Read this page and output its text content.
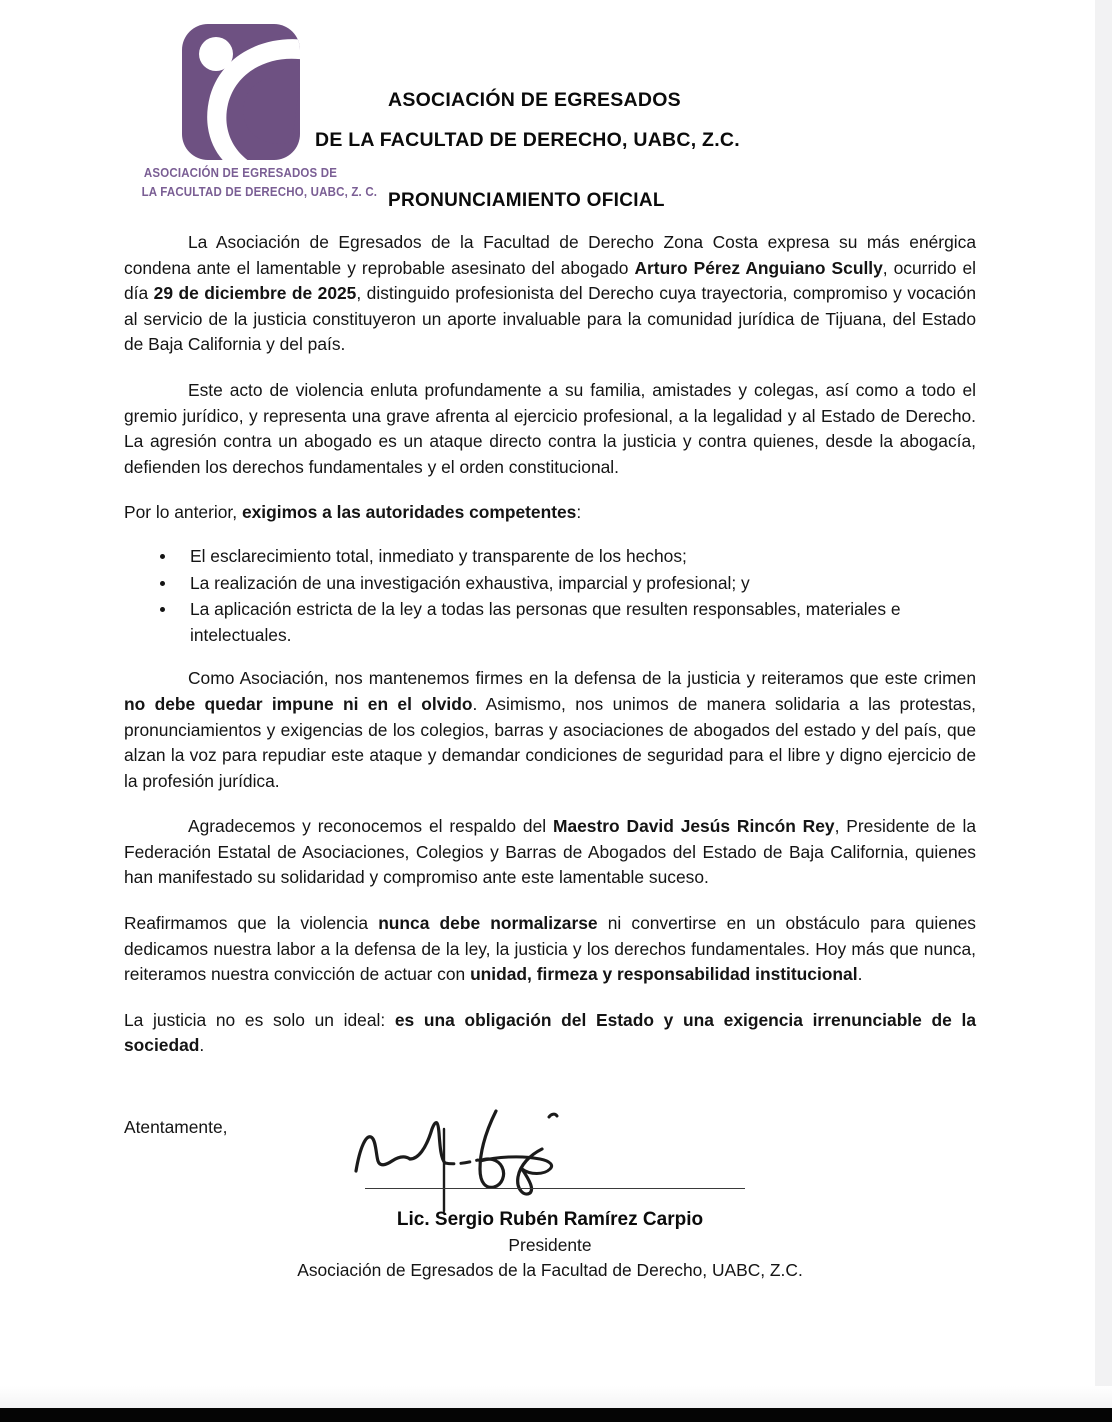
ASOCIACIÓN DE EGRESADOS DE
LA FACULTAD DE DERECHO, UABC, Z. C.
ASOCIACIÓN DE EGRESADOS
DE LA FACULTAD DE DERECHO, UABC, Z.C.
PRONUNCIAMIENTO OFICIAL

La Asociación de Egresados de la Facultad de Derecho Zona Costa expresa su más enérgica condena ante el lamentable y reprobable asesinato del abogado Arturo Pérez Anguiano Scully, ocurrido el día 29 de diciembre de 2025, distinguido profesionista del Derecho cuya trayectoria, compromiso y vocación al servicio de la justicia constituyeron un aporte invaluable para la comunidad jurídica de Tijuana, del Estado de Baja California y del país.

Este acto de violencia enluta profundamente a su familia, amistades y colegas, así como a todo el gremio jurídico, y representa una grave afrenta al ejercicio profesional, a la legalidad y al Estado de Derecho. La agresión contra un abogado es un ataque directo contra la justicia y contra quienes, desde la abogacía, defienden los derechos fundamentales y el orden constitucional.

Por lo anterior, exigimos a las autoridades competentes:

El esclarecimiento total, inmediato y transparente de los hechos;
La realización de una investigación exhaustiva, imparcial y profesional; y
La aplicación estricta de la ley a todas las personas que resulten responsables, materiales e intelectuales.

Como Asociación, nos mantenemos firmes en la defensa de la justicia y reiteramos que este crimen no debe quedar impune ni en el olvido. Asimismo, nos unimos de manera solidaria a las protestas, pronunciamientos y exigencias de los colegios, barras y asociaciones de abogados del estado y del país, que alzan la voz para repudiar este ataque y demandar condiciones de seguridad para el libre y digno ejercicio de la profesión jurídica.

Agradecemos y reconocemos el respaldo del Maestro David Jesús Rincón Rey, Presidente de la Federación Estatal de Asociaciones, Colegios y Barras de Abogados del Estado de Baja California, quienes han manifestado su solidaridad y compromiso ante este lamentable suceso.

Reafirmamos que la violencia nunca debe normalizarse ni convertirse en un obstáculo para quienes dedicamos nuestra labor a la defensa de la ley, la justicia y los derechos fundamentales. Hoy más que nunca, reiteramos nuestra convicción de actuar con unidad, firmeza y responsabilidad institucional.

La justicia no es solo un ideal: es una obligación del Estado y una exigencia irrenunciable de la sociedad.

Atentamente,
Lic. Sergio Rubén Ramírez Carpio
Presidente
Asociación de Egresados de la Facultad de Derecho, UABC, Z.C.
